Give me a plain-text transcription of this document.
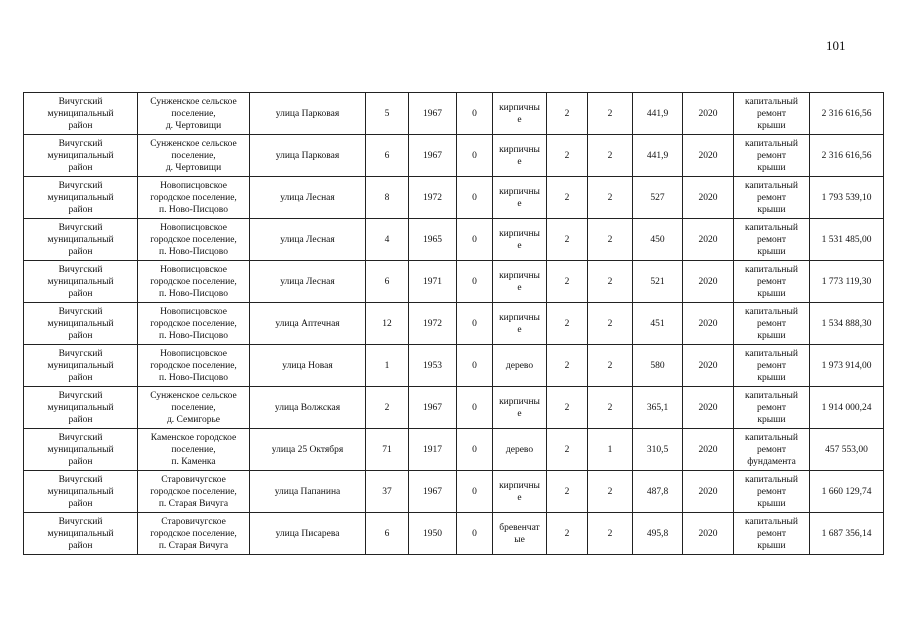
101
Вичугский
муниципальный
район	Сунженское сельское
поселение,
д. Чертовищи	улица Парковая	5	1967	0	кирпичны
е	2	2	441,9	2020	капитальный
ремонт
крыши	2 316 616,56
Вичугский
муниципальный
район	Сунженское сельское
поселение,
д. Чертовищи	улица Парковая	6	1967	0	кирпичны
е	2	2	441,9	2020	капитальный
ремонт
крыши	2 316 616,56
Вичугский
муниципальный
район	Новописцовское
городское поселение,
п. Ново-Писцово	улица Лесная	8	1972	0	кирпичны
е	2	2	527	2020	капитальный
ремонт
крыши	1 793 539,10
Вичугский
муниципальный
район	Новописцовское
городское поселение,
п. Ново-Писцово	улица Лесная	4	1965	0	кирпичны
е	2	2	450	2020	капитальный
ремонт
крыши	1 531 485,00
Вичугский
муниципальный
район	Новописцовское
городское поселение,
п. Ново-Писцово	улица Лесная	6	1971	0	кирпичны
е	2	2	521	2020	капитальный
ремонт
крыши	1 773 119,30
Вичугский
муниципальный
район	Новописцовское
городское поселение,
п. Ново-Писцово	улица Аптечная	12	1972	0	кирпичны
е	2	2	451	2020	капитальный
ремонт
крыши	1 534 888,30
Вичугский
муниципальный
район	Новописцовское
городское поселение,
п. Ново-Писцово	улица Новая	1	1953	0	дерево	2	2	580	2020	капитальный
ремонт
крыши	1 973 914,00
Вичугский
муниципальный
район	Сунженское сельское
поселение,
д. Семигорье	улица Волжская	2	1967	0	кирпичны
е	2	2	365,1	2020	капитальный
ремонт
крыши	1 914 000,24
Вичугский
муниципальный
район	Каменское городское
поселение,
п. Каменка	улица 25 Октября	71	1917	0	дерево	2	1	310,5	2020	капитальный
ремонт
фундамента	457 553,00
Вичугский
муниципальный
район	Старовичугское
городское поселение,
п. Старая Вичуга	улица Папанина	37	1967	0	кирпичны
е	2	2	487,8	2020	капитальный
ремонт
крыши	1 660 129,74
Вичугский
муниципальный
район	Старовичугское
городское поселение,
п. Старая Вичуга	улица Писарева	6	1950	0	бревенчат
ые	2	2	495,8	2020	капитальный
ремонт
крыши	1 687 356,14
